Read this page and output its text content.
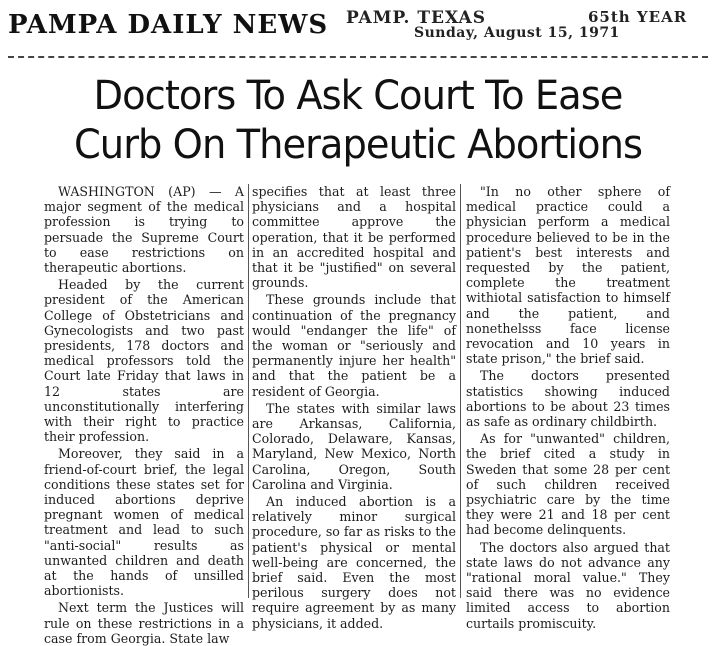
PAMPA DAILY NEWS PAMP. TEXAS
Sunday, August 15, 1971
65th YEAR
Doctors To Ask Court To Ease
Curb On Therapeutic Abortions

WASHINGTON (AP) — A major segment of the medical profession is trying to persuade the Supreme Court to ease restrictions on therapeutic abortions.

Headed by the current president of the American College of Obstetricians and Gynecologists and two past presidents, 178 doctors and medical professors told the Court late Friday that laws in 12 states are unconstitutionally interfering with their right to practice their profession.

Moreover, they said in a friend-of-court brief, the legal conditions these states set for induced abortions deprive pregnant women of medical treatment and lead to such "anti-social" results as unwanted children and death at the hands of unsilled abortionists.

Next term the Justices will rule on these restrictions in a case from Georgia. State law

specifies that at least three physicians and a hospital committee approve the operation, that it be performed in an accredited hospital and that it be "justified" on several grounds.

These grounds include that continuation of the pregnancy would "endanger the life" of the woman or "seriously and permanently injure her health" and that the patient be a resident of Georgia.

The states with similar laws are Arkansas, California, Colorado, Delaware, Kansas, Maryland, New Mexico, North Carolina, Oregon, South Carolina and Virginia.

An induced abortion is a relatively minor surgical procedure, so far as risks to the patient's physical or mental well-being are concerned, the brief said. Even the most perilous surgery does not require agreement by as many physicians, it added.

"In no other sphere of medical practice could a physician perform a medical procedure believed to be in the patient's best interests and requested by the patient, complete the treatment withiotal satisfaction to himself and the patient, and nonethelsss face license revocation and 10 years in state prison," the brief said.

The doctors presented statistics showing induced abortions to be about 23 times as safe as ordinary childbirth.

As for "unwanted" children, the brief cited a study in Sweden that some 28 per cent of such children received psychiatric care by the time they were 21 and 18 per cent had become delinquents.

The doctors also argued that state laws do not advance any "rational moral value." They said there was no evidence limited access to abortion curtails promiscuity.
